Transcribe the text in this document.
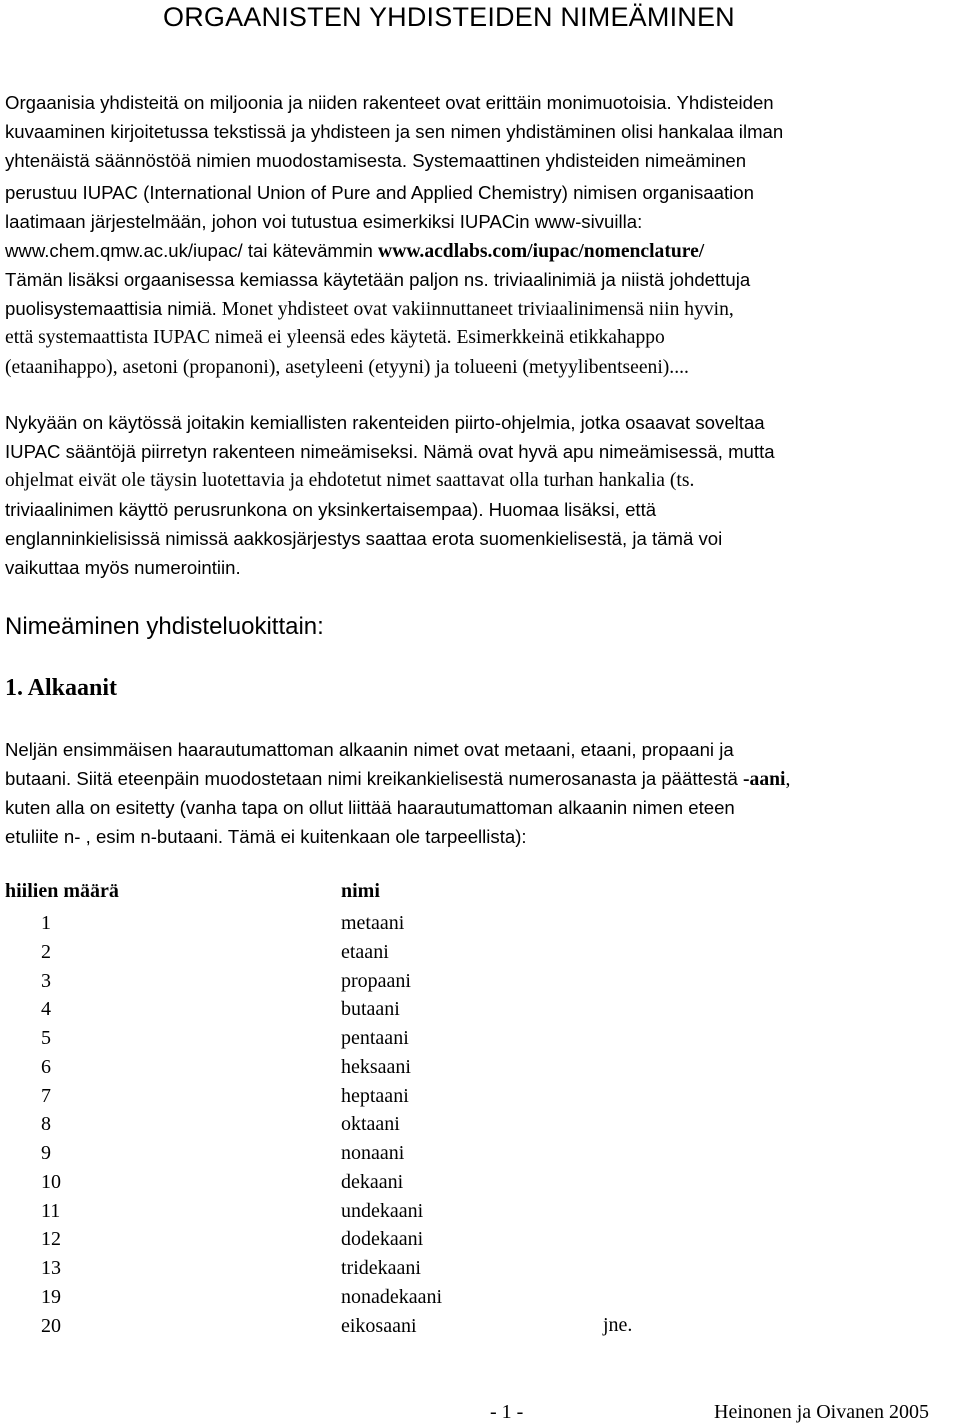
ORGAANISTEN YHDISTEIDEN NIMEÄMINEN
Orgaanisia yhdisteitä on miljoonia ja niiden rakenteet ovat erittäin monimuotoisia. Yhdisteiden
kuvaaminen kirjoitetussa tekstissä ja yhdisteen ja sen nimen yhdistäminen olisi hankalaa ilman
yhtenäistä säännöstöä nimien muodostamisesta. Systemaattinen yhdisteiden nimeäminen
perustuu IUPAC (International Union of Pure and Applied Chemistry) nimisen organisaation
laatimaan järjestelmään, johon voi tutustua esimerkiksi IUPACin www-sivuilla:
www.chem.qmw.ac.uk/iupac/ tai kätevämmin www.acdlabs.com/iupac/nomenclature/
Tämän lisäksi orgaanisessa kemiassa käytetään paljon ns. triviaalinimiä ja niistä johdettuja
puolisystemaattisia nimiä. Monet yhdisteet ovat vakiinnuttaneet triviaalinimensä niin hyvin,
että systemaattista IUPAC nimeä ei yleensä edes käytetä. Esimerkkeinä etikkahappo
(etaanihappo), asetoni (propanoni), asetyleeni (etyyni) ja tolueeni (metyylibentseeni)....
Nykyään on käytössä joitakin kemiallisten rakenteiden piirto-ohjelmia, jotka osaavat soveltaa
IUPAC sääntöjä piirretyn rakenteen nimeämiseksi. Nämä ovat hyvä apu nimeämisessä, mutta
ohjelmat eivät ole täysin luotettavia ja ehdotetut nimet saattavat olla turhan hankalia (ts.
triviaalinimen käyttö perusrunkona on yksinkertaisempaa). Huomaa lisäksi, että
englanninkielisissä nimissä aakkosjärjestys saattaa erota suomenkielisestä, ja tämä voi
vaikuttaa myös numerointiin.
Nimeäminen yhdisteluokittain:
1. Alkaanit
Neljän ensimmäisen haarautumattoman alkaanin nimet ovat metaani, etaani, propaani ja
butaani. Siitä eteenpäin muodostetaan nimi kreikankielisestä numerosanasta ja päättestä -aani,
kuten alla on esitetty (vanha tapa on ollut liittää haarautumattoman alkaanin nimen eteen
etuliite n- , esim n-butaani. Tämä ei kuitenkaan ole tarpeellista):
hiilien määrä	nimi
1	metaani
2	etaani
3	propaani
4	butaani
5	pentaani
6	heksaani
7	heptaani
8	oktaani
9	nonaani
10	dekaani
11	undekaani
12	dodekaani
13	tridekaani
19	nonadekaani
20	eikosaani	jne.
- 1 -	Heinonen ja Oivanen 2005
